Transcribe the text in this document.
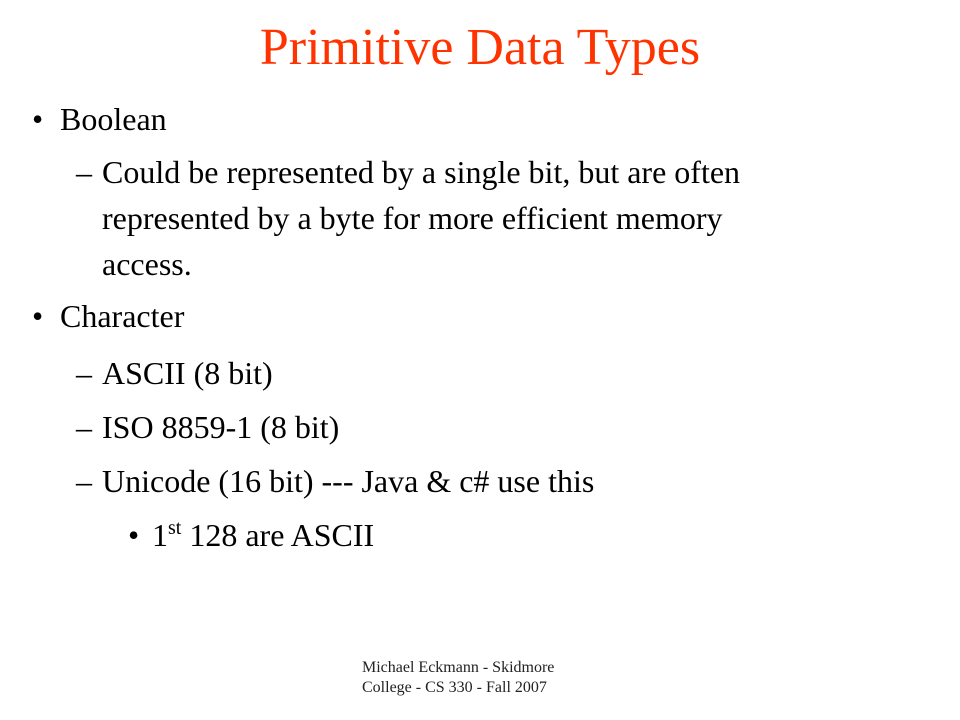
Primitive Data Types
• Boolean
– Could be represented by a single bit, but are often
represented by a byte for more efficient memory
access.
• Character
– ASCII (8 bit)
– ISO 8859-1 (8 bit)
– Unicode (16 bit) --- Java & c# use this
• 1st 128 are ASCII
Michael Eckmann - Skidmore
College - CS 330 - Fall 2007
